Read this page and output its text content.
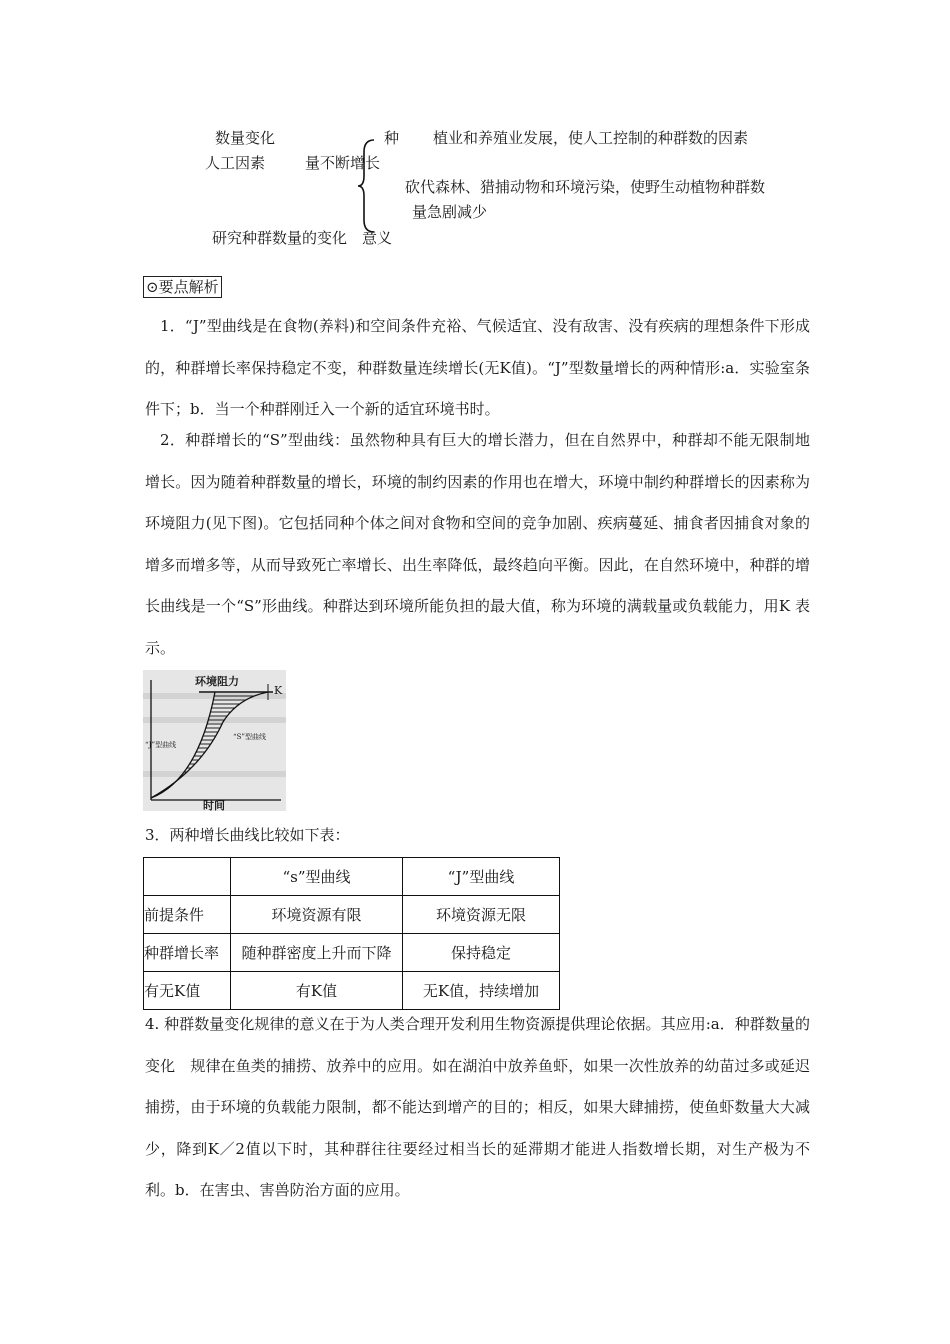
数量变化
人工因素
种
量不断增长
植业和养殖业发展，使人工控制的种群数的因素
砍代森林、猎捕动物和环境污染，使野生动植物种群数
量急剧减少
研究种群数量的变化 意义
⊙要点解析
1．“J”型曲线是在食物(养料)和空间条件充裕、气候适宜、没有敌害、没有疾病的理想条件下形成的，种群增长率保持稳定不变，种群数量连续增长(无K值)。“J”型数量增长的两种情形:a．实验室条件下；b．当一个种群刚迁入一个新的适宜环境书时。
2．种群增长的“S”型曲线：虽然物种具有巨大的增长潜力，但在自然界中，种群却不能无限制地增长。因为随着种群数量的增长，环境的制约因素的作用也在增大，环境中制约种群增长的因素称为环境阻力(见下图)。它包括同种个体之间对食物和空间的竞争加剧、疾病蔓延、捕食者因捕食对象的增多而增多等，从而导致死亡率增长、出生率降低，最终趋向平衡。因此，在自然环境中，种群的增长曲线是一个“S”形曲线。种群达到环境所能负担的最大值，称为环境的满载量或负载能力，用K 表示。
环境阻力
K
“J”型曲线
“S”型曲线
时间
3．两种增长曲线比较如下表：
	“s”型曲线	“J”型曲线
前提条件	环境资源有限	环境资源无限
种群增长率	随种群密度上升而下降	保持稳定
有无K值	有K值	无K值，持续增加
4. 种群数量变化规律的意义在于为人类合理开发利用生物资源提供理论依据。其应用:a．种群数量的变化　规律在鱼类的捕捞、放养中的应用。如在湖泊中放养鱼虾，如果一次性放养的幼苗过多或延迟捕捞，由于环境的负载能力限制，都不能达到增产的目的；相反，如果大肆捕捞，使鱼虾数量大大减少，降到K／2值以下时，其种群往往要经过相当长的延滞期才能进人指数增长期，对生产极为不利。b．在害虫、害兽防治方面的应用。
